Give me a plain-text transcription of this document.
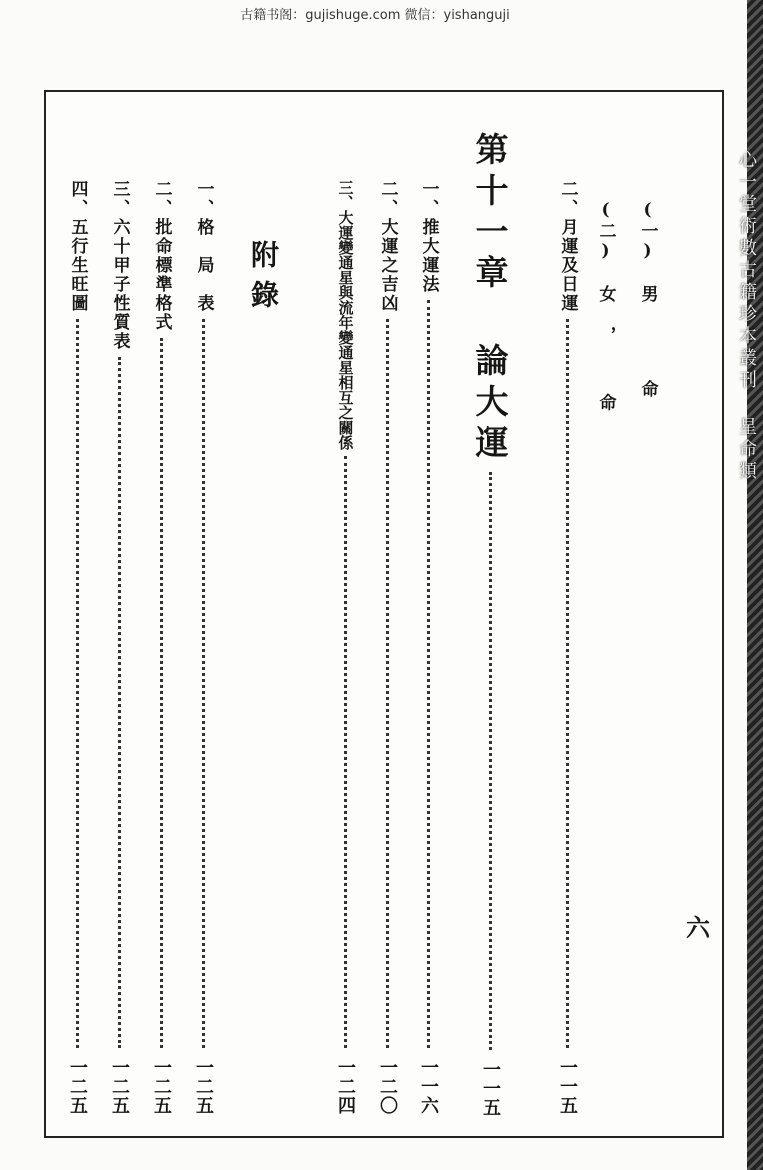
古籍书阁：gujishuge.com 微信：yishanguji
心一堂術數古籍珍本叢刊 星命類
(一) 男　　　　命
(二) 女 ，　　　命
二、月運及日運
一一五
第十一章 論大運
一一五
一、推大運法
一一六
二、大運之吉凶
一二〇
三、大運變通星與流年變通星相互之關係
一二四
附錄
一、格　局　表
一二五
二、批命標準格式
一二五
三、六十甲子性質表
一二五
四、五行生旺圖
一二五
六
